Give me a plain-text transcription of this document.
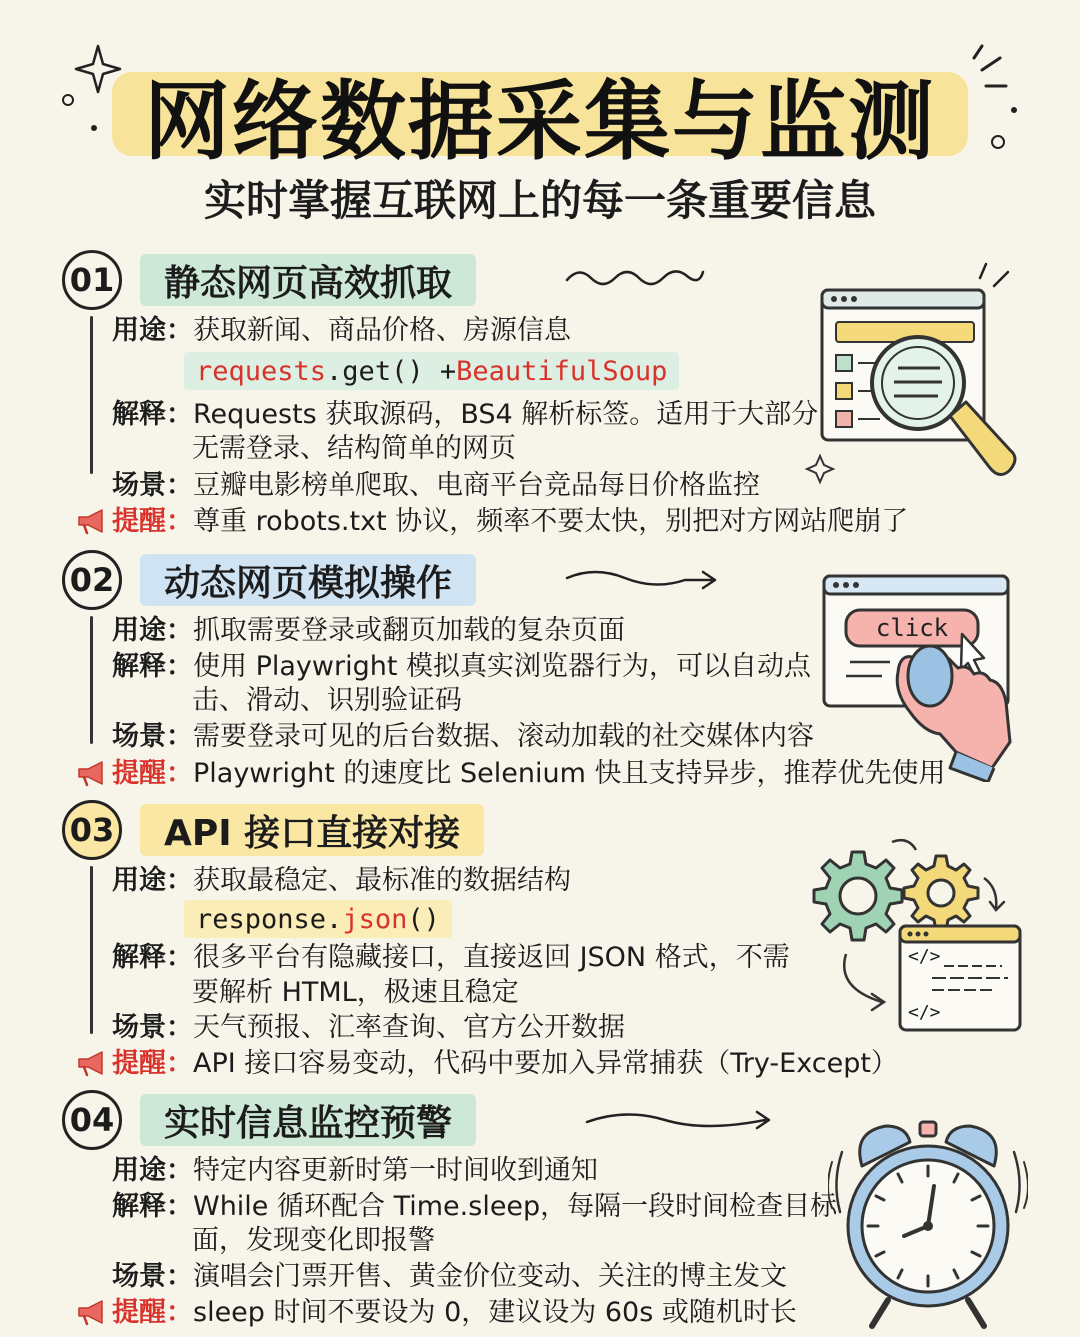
网络数据采集与监测
实时掌握互联网上的每一条重要信息
01	静态网页高效抓取
用途：获取新闻、商品价格、房源信息
requests .get() + BeautifulSoup
解释：Requests 获取源码，BS4 解析标签。适用于大部分
无需登录、结构简单的网页
场景：豆瓣电影榜单爬取、电商平台竞品每日价格监控
提醒：尊重 robots.txt 协议，频率不要太快，别把对方网站爬崩了
02	动态网页模拟操作
用途：抓取需要登录或翻页加载的复杂页面
解释：使用 Playwright 模拟真实浏览器行为，可以自动点
击、滑动、识别验证码
场景：需要登录可见的后台数据、滚动加载的社交媒体内容
提醒：Playwright 的速度比 Selenium 快且支持异步，推荐优先使用
click
03	API 接口直接对接
用途：获取最稳定、最标准的数据结构
response. json ()
解释：很多平台有隐藏接口，直接返回 JSON 格式，不需
要解析 HTML，极速且稳定
场景：天气预报、汇率查询、官方公开数据
提醒：API 接口容易变动，代码中要加入异常捕获（Try-Except）
</>
</>
04	实时信息监控预警
用途：特定内容更新时第一时间收到通知
解释：While 循环配合 Time.sleep，每隔一段时间检查目标
面，发现变化即报警
场景：演唱会门票开售、黄金价位变动、关注的博主发文
提醒：sleep 时间不要设为 0，建议设为 60s 或随机时长
